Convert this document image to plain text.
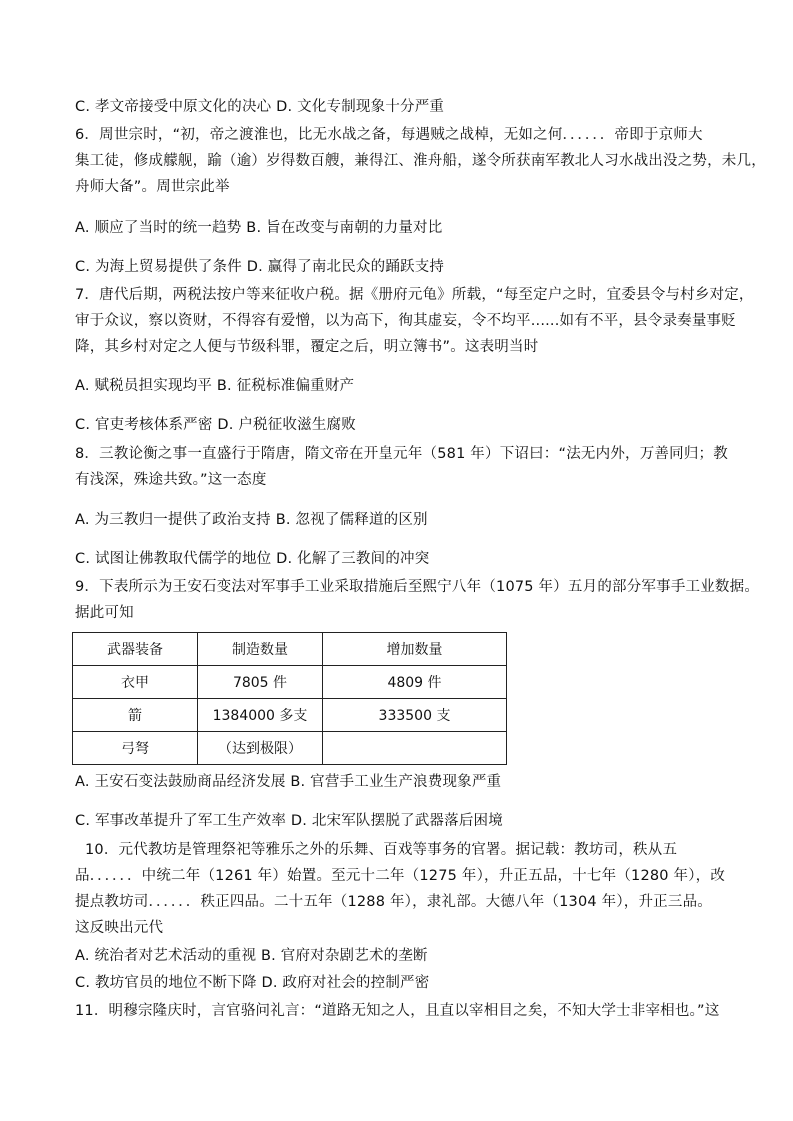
C. 孝文帝接受中原文化的决心 D. 文化专制现象十分严重
6．周世宗时，“初，帝之渡淮也，比无水战之备，每遇贼之战棹，无如之何．．．．．．帝即于京师大
集工徒，修成艨舰，踰（逾）岁得数百艘，兼得江、淮舟船，遂令所获南军教北人习水战出没之势，未几，
舟师大备”。周世宗此举
A. 顺应了当时的统一趋势 B. 旨在改变与南朝的力量对比
C. 为海上贸易提供了条件 D. 赢得了南北民众的踊跃支持
7．唐代后期，两税法按户等来征收户税。据《册府元龟》所载，“每至定户之时，宜委县令与村乡对定，
审于众议，察以资财，不得容有爱憎，以为高下，徇其虚妄，令不均平......如有不平，县令录奏量事贬
降，其乡村对定之人便与节级科罪，覆定之后，明立簿书”。这表明当时
A. 赋税员担实现均平 B. 征税标准偏重财产
C. 官吏考核体系严密 D. 户税征收滋生腐败
8．三教论衡之事一直盛行于隋唐，隋文帝在开皇元年（581 年）下诏曰：“法无内外，万善同归；教
有浅深，殊途共致。”这一态度
A. 为三教归一提供了政治支持 B. 忽视了儒释道的区别
C. 试图让佛教取代儒学的地位 D. 化解了三教间的冲突
9．下表所示为王安石变法对军事手工业采取措施后至熙宁八年（1075 年）五月的部分军事手工业数据。
据此可知
武器装备	制造数量	增加数量
衣甲	7805 件	4809 件
箭	1384000 多支	333500 支
弓弩	（达到极限）	
A. 王安石变法鼓励商品经济发展 B. 官营手工业生产浪费现象严重
C. 军事改革提升了军工生产效率 D. 北宋军队摆脱了武器落后困境
10．元代教坊是管理祭祀等雅乐之外的乐舞、百戏等事务的官署。据记载：教坊司，秩从五
品．．．．．．中统二年（1261 年）始置。至元十二年（1275 年），升正五品，十七年（1280 年），改
提点教坊司．．．．．．秩正四品。二十五年（1288 年），隶礼部。大德八年（1304 年），升正三品。
这反映出元代
A. 统治者对艺术活动的重视 B. 官府对杂剧艺术的垄断
C. 教坊官员的地位不断下降 D. 政府对社会的控制严密
11．明穆宗隆庆时，言官骆问礼言：“道路无知之人，且直以宰相目之矣，不知大学士非宰相也。”这
